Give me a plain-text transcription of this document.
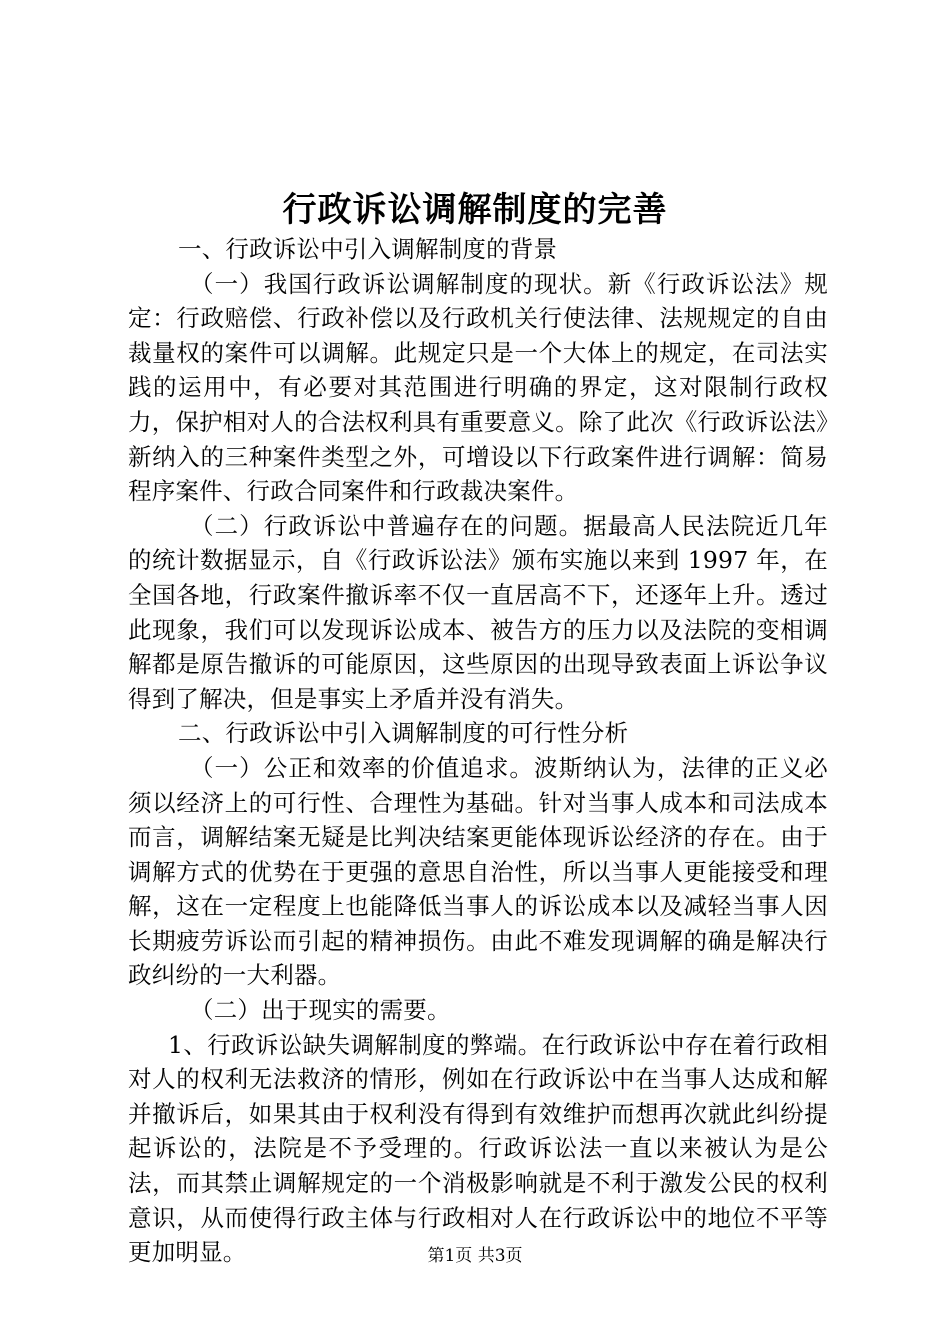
行政诉讼调解制度的完善

一、行政诉讼中引入调解制度的背景

（一）我国行政诉讼调解制度的现状。新《行政诉讼法》规定：行政赔偿、行政补偿以及行政机关行使法律、法规规定的自由裁量权的案件可以调解。此规定只是一个大体上的规定，在司法实践的运用中，有必要对其范围进行明确的界定，这对限制行政权力，保护相对人的合法权利具有重要意义。除了此次《行政诉讼法》新纳入的三种案件类型之外，可增设以下行政案件进行调解：简易程序案件、行政合同案件和行政裁决案件。

（二）行政诉讼中普遍存在的问题。据最高人民法院近几年的统计数据显示，自《行政诉讼法》颁布实施以来到 1997 年，在全国各地，行政案件撤诉率不仅一直居高不下，还逐年上升。透过此现象，我们可以发现诉讼成本、被告方的压力以及法院的变相调解都是原告撤诉的可能原因，这些原因的出现导致表面上诉讼争议得到了解决，但是事实上矛盾并没有消失。

二、行政诉讼中引入调解制度的可行性分析

（一）公正和效率的价值追求。波斯纳认为，法律的正义必须以经济上的可行性、合理性为基础。针对当事人成本和司法成本而言，调解结案无疑是比判决结案更能体现诉讼经济的存在。由于调解方式的优势在于更强的意思自治性，所以当事人更能接受和理解，这在一定程度上也能降低当事人的诉讼成本以及减轻当事人因长期疲劳诉讼而引起的精神损伤。由此不难发现调解的确是解决行政纠纷的一大利器。

（二）出于现实的需要。

1、行政诉讼缺失调解制度的弊端。在行政诉讼中存在着行政相对人的权利无法救济的情形，例如在行政诉讼中在当事人达成和解并撤诉后，如果其由于权利没有得到有效维护而想再次就此纠纷提起诉讼的，法院是不予受理的。行政诉讼法一直以来被认为是公法，而其禁止调解规定的一个消极影响就是不利于激发公民的权利意识，从而使得行政主体与行政相对人在行政诉讼中的地位不平等更加明显。	第1页 共3页
